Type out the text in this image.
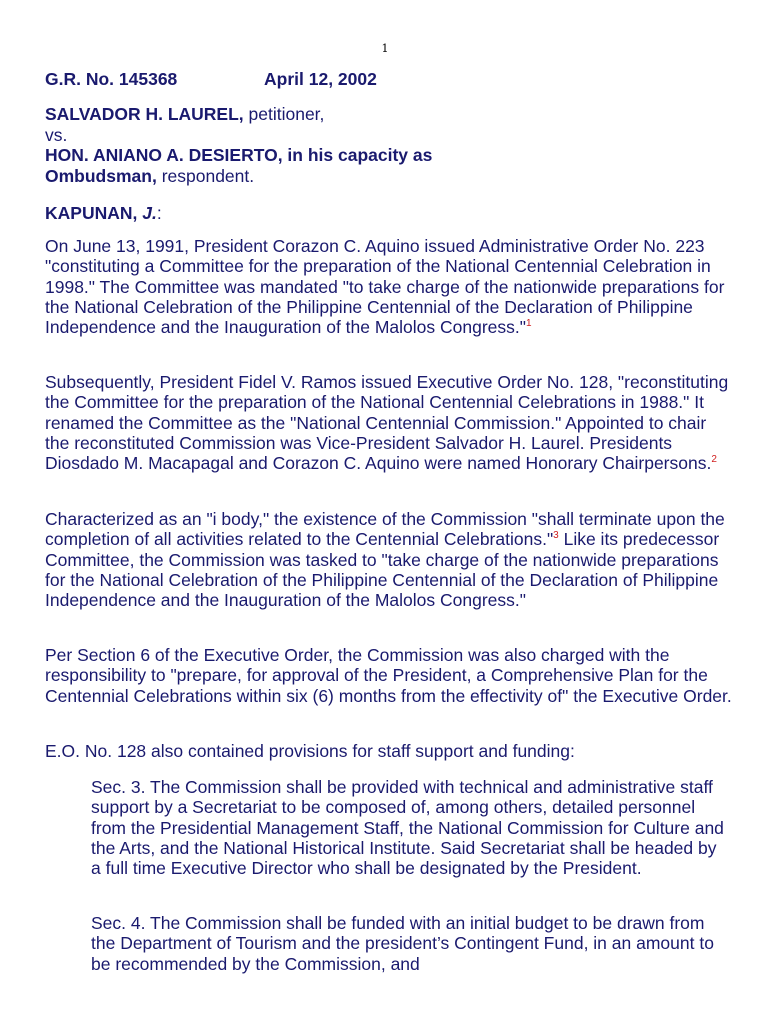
1
G.R. No. 145368	April 12, 2002
SALVADOR H. LAUREL, petitioner,
vs.
HON. ANIANO A. DESIERTO, in his capacity as
Ombudsman, respondent.
KAPUNAN, J.:

On June 13, 1991, President Corazon C. Aquino issued Administrative Order No. 223 "constituting a Committee for the preparation of the National Centennial Celebration in 1998." The Committee was mandated "to take charge of the nationwide preparations for the National Celebration of the Philippine Centennial of the Declaration of Philippine Independence and the Inauguration of the Malolos Congress."$^1$

Subsequently, President Fidel V. Ramos issued Executive Order No. 128, "reconstituting the Committee for the preparation of the National Centennial Celebrations in 1988." It renamed the Committee as the "National Centennial Commission." Appointed to chair the reconstituted Commission was Vice-President Salvador H. Laurel. Presidents Diosdado M. Macapagal and Corazon C. Aquino were named Honorary Chairpersons.$^2$

Characterized as an "i body," the existence of the Commission "shall terminate upon the completion of all activities related to the Centennial Celebrations."$^3$ Like its predecessor Committee, the Commission was tasked to "take charge of the nationwide preparations for the National Celebration of the Philippine Centennial of the Declaration of Philippine Independence and the Inauguration of the Malolos Congress."

Per Section 6 of the Executive Order, the Commission was also charged with the responsibility to "prepare, for approval of the President, a Comprehensive Plan for the Centennial Celebrations within six (6) months from the effectivity of" the Executive Order.

E.O. No. 128 also contained provisions for staff support and funding:

Sec. 3. The Commission shall be provided with technical and administrative staff support by a Secretariat to be composed of, among others, detailed personnel from the Presidential Management Staff, the National Commission for Culture and the Arts, and the National Historical Institute. Said Secretariat shall be headed by a full time Executive Director who shall be designated by the President.

Sec. 4. The Commission shall be funded with an initial budget to be drawn from the Department of Tourism and the president’s Contingent Fund, in an amount to be recommended by the Commission, and
